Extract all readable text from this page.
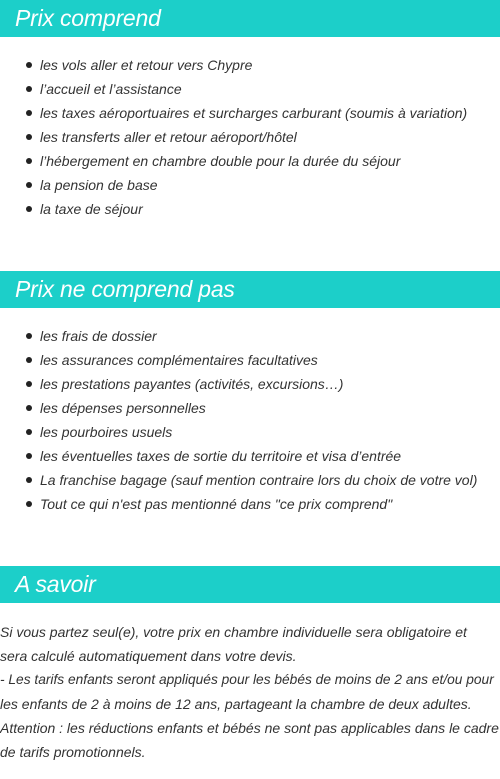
Prix comprend
les vols aller et retour vers Chypre
l’accueil et l’assistance
les taxes aéroportuaires et surcharges carburant (soumis à variation)
les transferts aller et retour aéroport/hôtel
l’hébergement en chambre double pour la durée du séjour
la pension de base
la taxe de séjour
Prix ne comprend pas
les frais de dossier
les assurances complémentaires facultatives
les prestations payantes (activités, excursions…)
les dépenses personnelles
les pourboires usuels
les éventuelles taxes de sortie du territoire et visa d’entrée
La franchise bagage (sauf mention contraire lors du choix de votre vol)
Tout ce qui n'est pas mentionné dans "ce prix comprend"
A savoir
Si vous partez seul(e), votre prix en chambre individuelle sera obligatoire et
sera calculé automatiquement dans votre devis.
- Les tarifs enfants seront appliqués pour les bébés de moins de 2 ans et/ou pour
les enfants de 2 à moins de 12 ans, partageant la chambre de deux adultes.
Attention : les réductions enfants et bébés ne sont pas applicables dans le cadre
de tarifs promotionnels.
